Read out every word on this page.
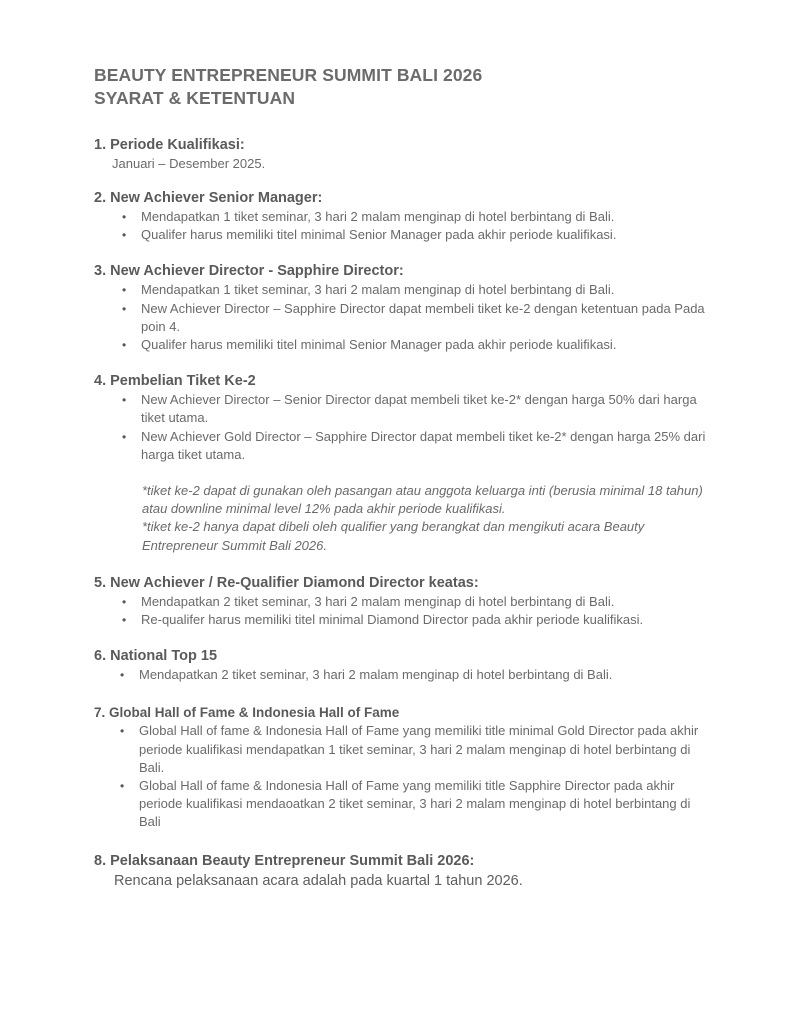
BEAUTY ENTREPRENEUR SUMMIT BALI 2026
SYARAT & KETENTUAN
1. Periode Kualifikasi:
Januari – Desember 2025.
2. New Achiever Senior Manager:
• Mendapatkan 1 tiket seminar, 3 hari 2 malam menginap di hotel berbintang di Bali.
• Qualifer harus memiliki titel minimal Senior Manager pada akhir periode kualifikasi.
3. New Achiever Director - Sapphire Director:
• Mendapatkan 1 tiket seminar, 3 hari 2 malam menginap di hotel berbintang di Bali.
• New Achiever Director – Sapphire Director dapat membeli tiket ke-2 dengan ketentuan pada Pada poin 4.
• Qualifer harus memiliki titel minimal Senior Manager pada akhir periode kualifikasi.
4. Pembelian Tiket Ke-2
• New Achiever Director – Senior Director dapat membeli tiket ke-2* dengan harga 50% dari harga tiket utama.
• New Achiever Gold Director – Sapphire Director dapat membeli tiket ke-2* dengan harga 25% dari harga tiket utama.
*tiket ke-2 dapat di gunakan oleh pasangan atau anggota keluarga inti (berusia minimal 18 tahun) atau downline minimal level 12% pada akhir periode kualifikasi.
*tiket ke-2 hanya dapat dibeli oleh qualifier yang berangkat dan mengikuti acara Beauty Entrepreneur Summit Bali 2026.
5. New Achiever / Re-Qualifier Diamond Director keatas:
• Mendapatkan 2 tiket seminar, 3 hari 2 malam menginap di hotel berbintang di Bali.
• Re-qualifer harus memiliki titel minimal Diamond Director pada akhir periode kualifikasi.
6. National Top 15
• Mendapatkan 2 tiket seminar, 3 hari 2 malam menginap di hotel berbintang di Bali.
7. Global Hall of Fame & Indonesia Hall of Fame
• Global Hall of fame & Indonesia Hall of Fame yang memiliki title minimal Gold Director pada akhir periode kualifikasi mendapatkan 1 tiket seminar, 3 hari 2 malam menginap di hotel berbintang di Bali.
• Global Hall of fame & Indonesia Hall of Fame yang memiliki title Sapphire Director pada akhir periode kualifikasi mendaoatkan 2 tiket seminar, 3 hari 2 malam menginap di hotel berbintang di Bali
8. Pelaksanaan Beauty Entrepreneur Summit Bali 2026:
Rencana pelaksanaan acara adalah pada kuartal 1 tahun 2026.
